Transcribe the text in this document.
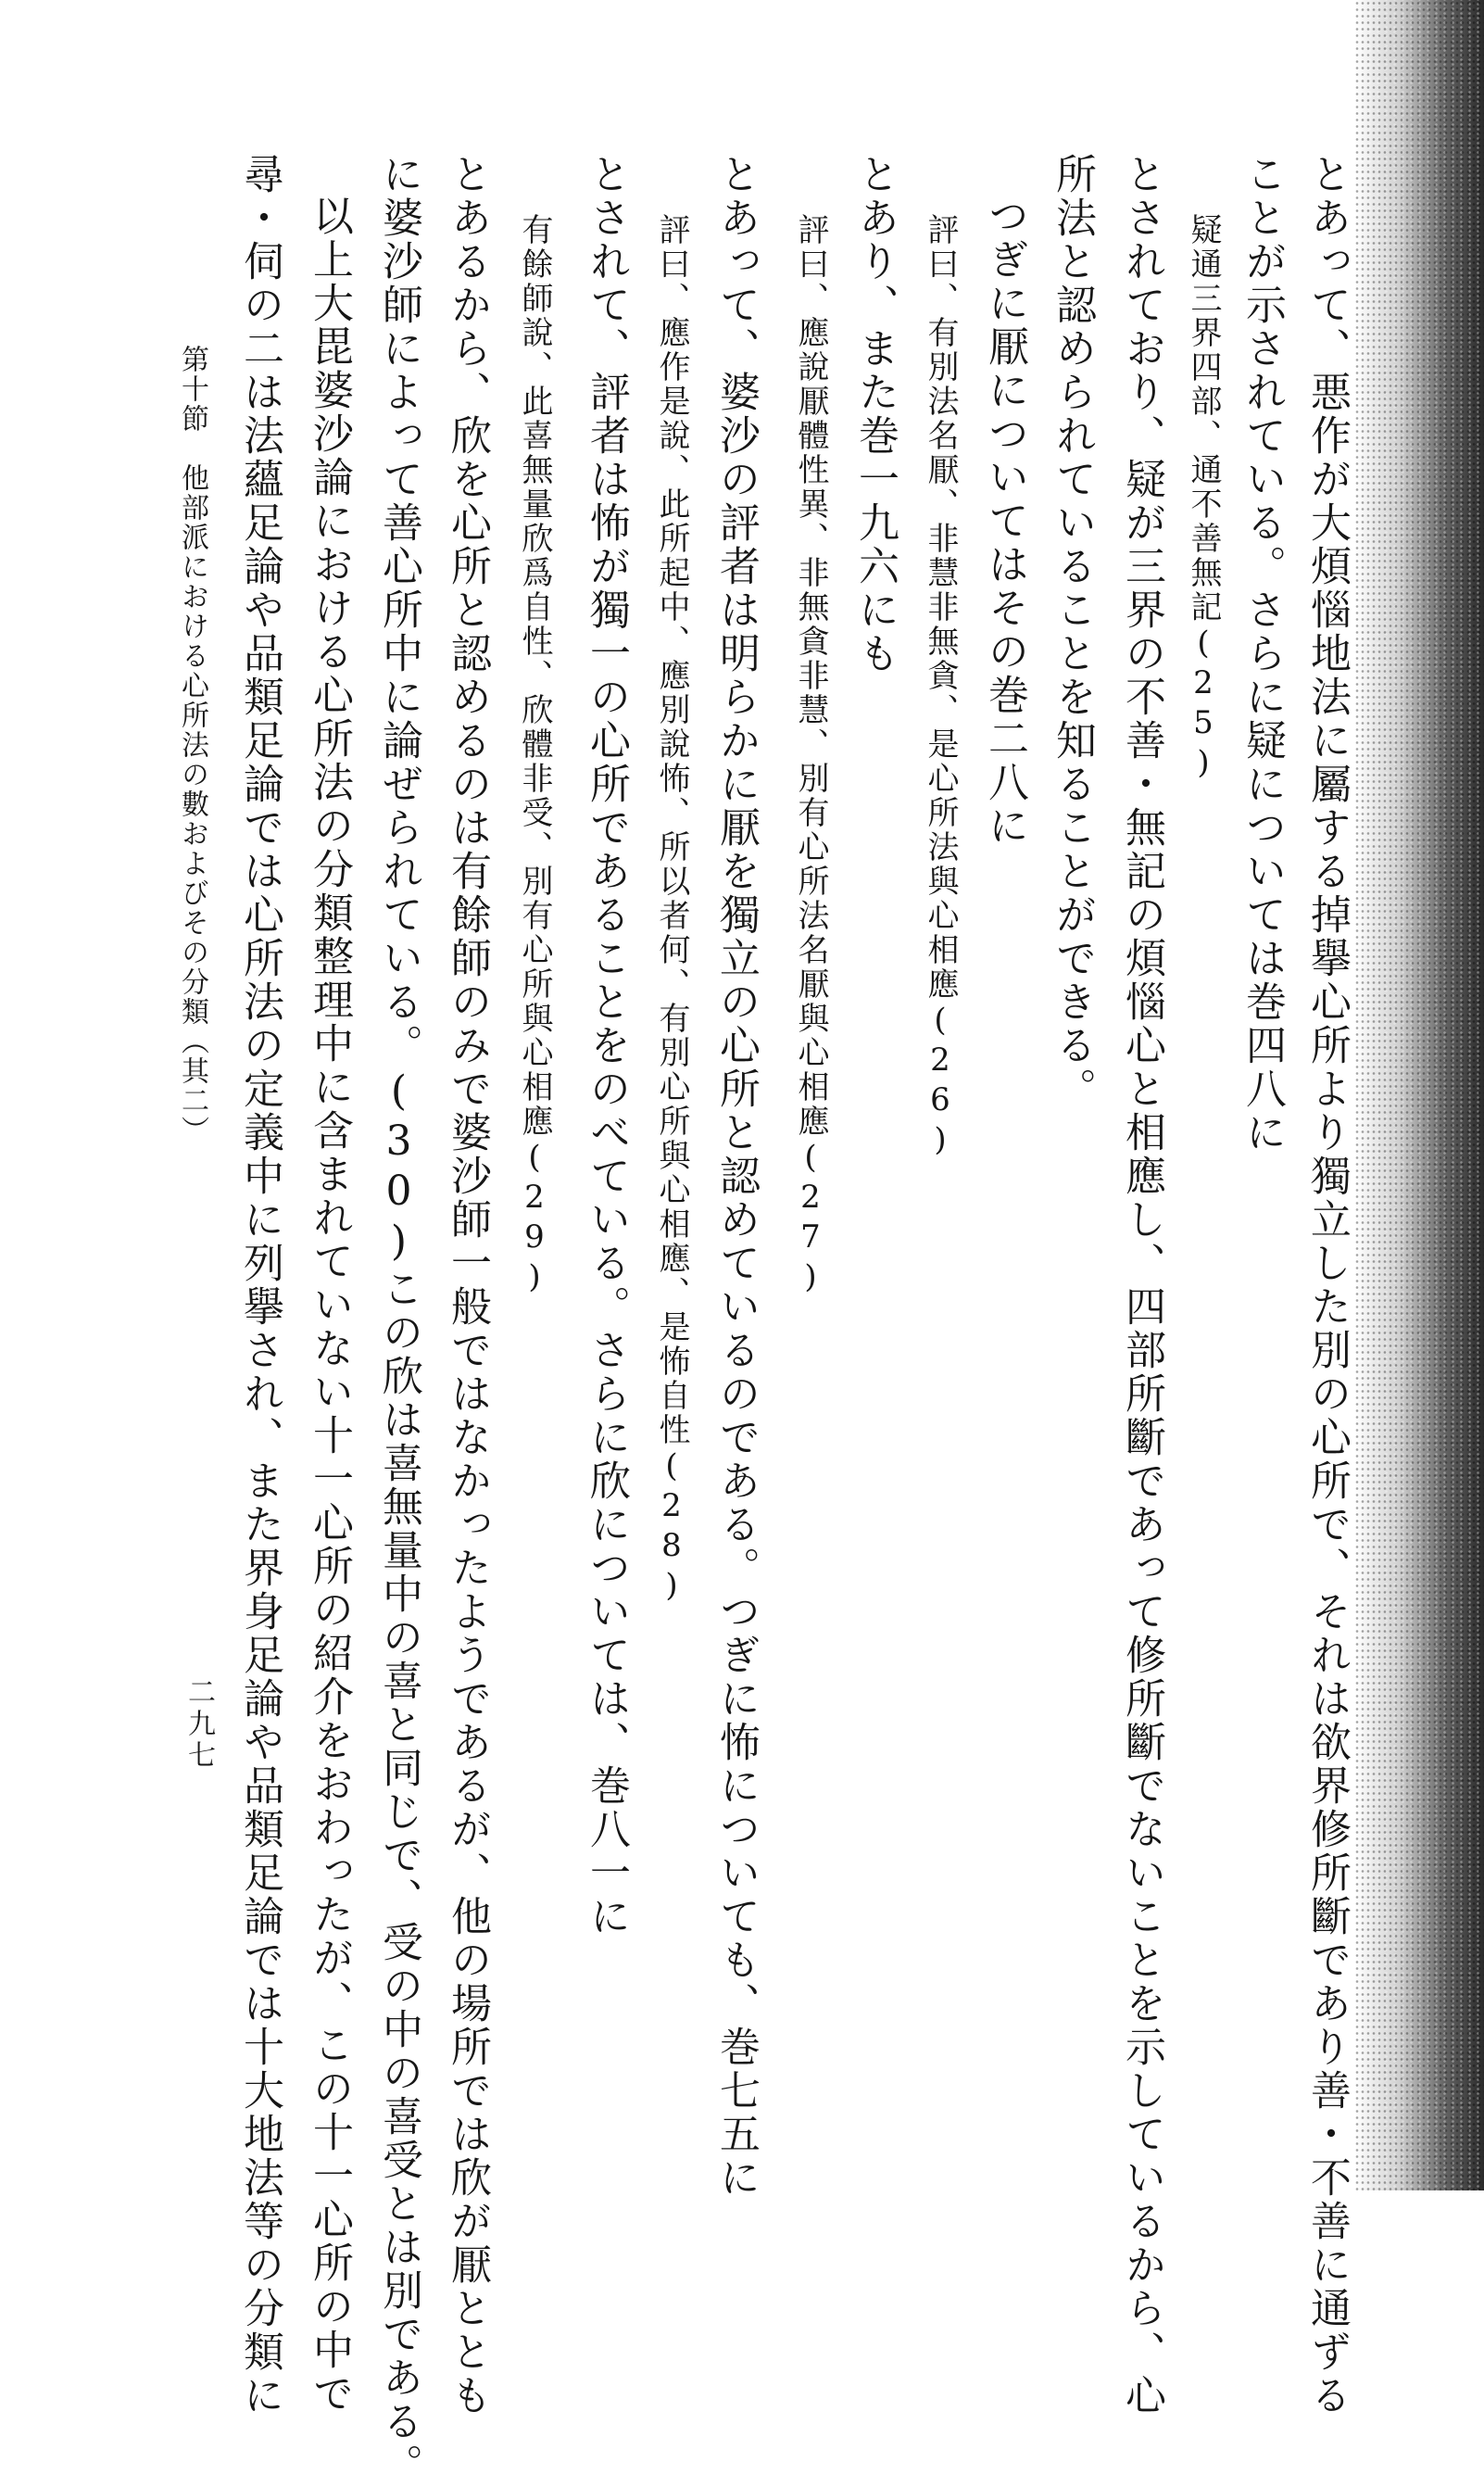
とあって、悪作が大煩惱地法に屬する掉擧心所より獨立した別の心所で、それは欲界修所斷であり善・不善に通ずる
ことが示されている。さらに疑については巻四八に
疑通三界四部、通不善無記(25)
とされており、疑が三界の不善・無記の煩惱心と相應し、四部所斷であって修所斷でないことを示しているから、心
所法と認められていることを知ることができる。
つぎに厭についてはその巻二八に
評曰、有別法名厭、非慧非無貪、是心所法與心相應(26)
とあり、また巻一九六にも
評曰、應說厭體性異、非無貪非慧、別有心所法名厭與心相應(27)
とあって、婆沙の評者は明らかに厭を獨立の心所と認めているのである。つぎに怖についても、巻七五に
評曰、應作是說、此所起中、應別說怖、所以者何、有別心所與心相應、是怖自性(28)
とされて、評者は怖が獨一の心所であることをのべている。さらに欣については、巻八一に
有餘師說、此喜無量欣爲自性、欣體非受、別有心所與心相應(29)
とあるから、欣を心所と認めるのは有餘師のみで婆沙師一般ではなかったようであるが、他の場所では欣が厭ととも
に婆沙師によって善心所中に論ぜられている。(30)この欣は喜無量中の喜と同じで、受の中の喜受とは別である。
以上大毘婆沙論における心所法の分類整理中に含まれていない十一心所の紹介をおわったが、この十一心所の中で
尋・伺の二は法蘊足論や品類足論では心所法の定義中に列擧され、また界身足論や品類足論では十大地法等の分類に
第十節　他部派における心所法の數およびその分類（其二）
二九七
